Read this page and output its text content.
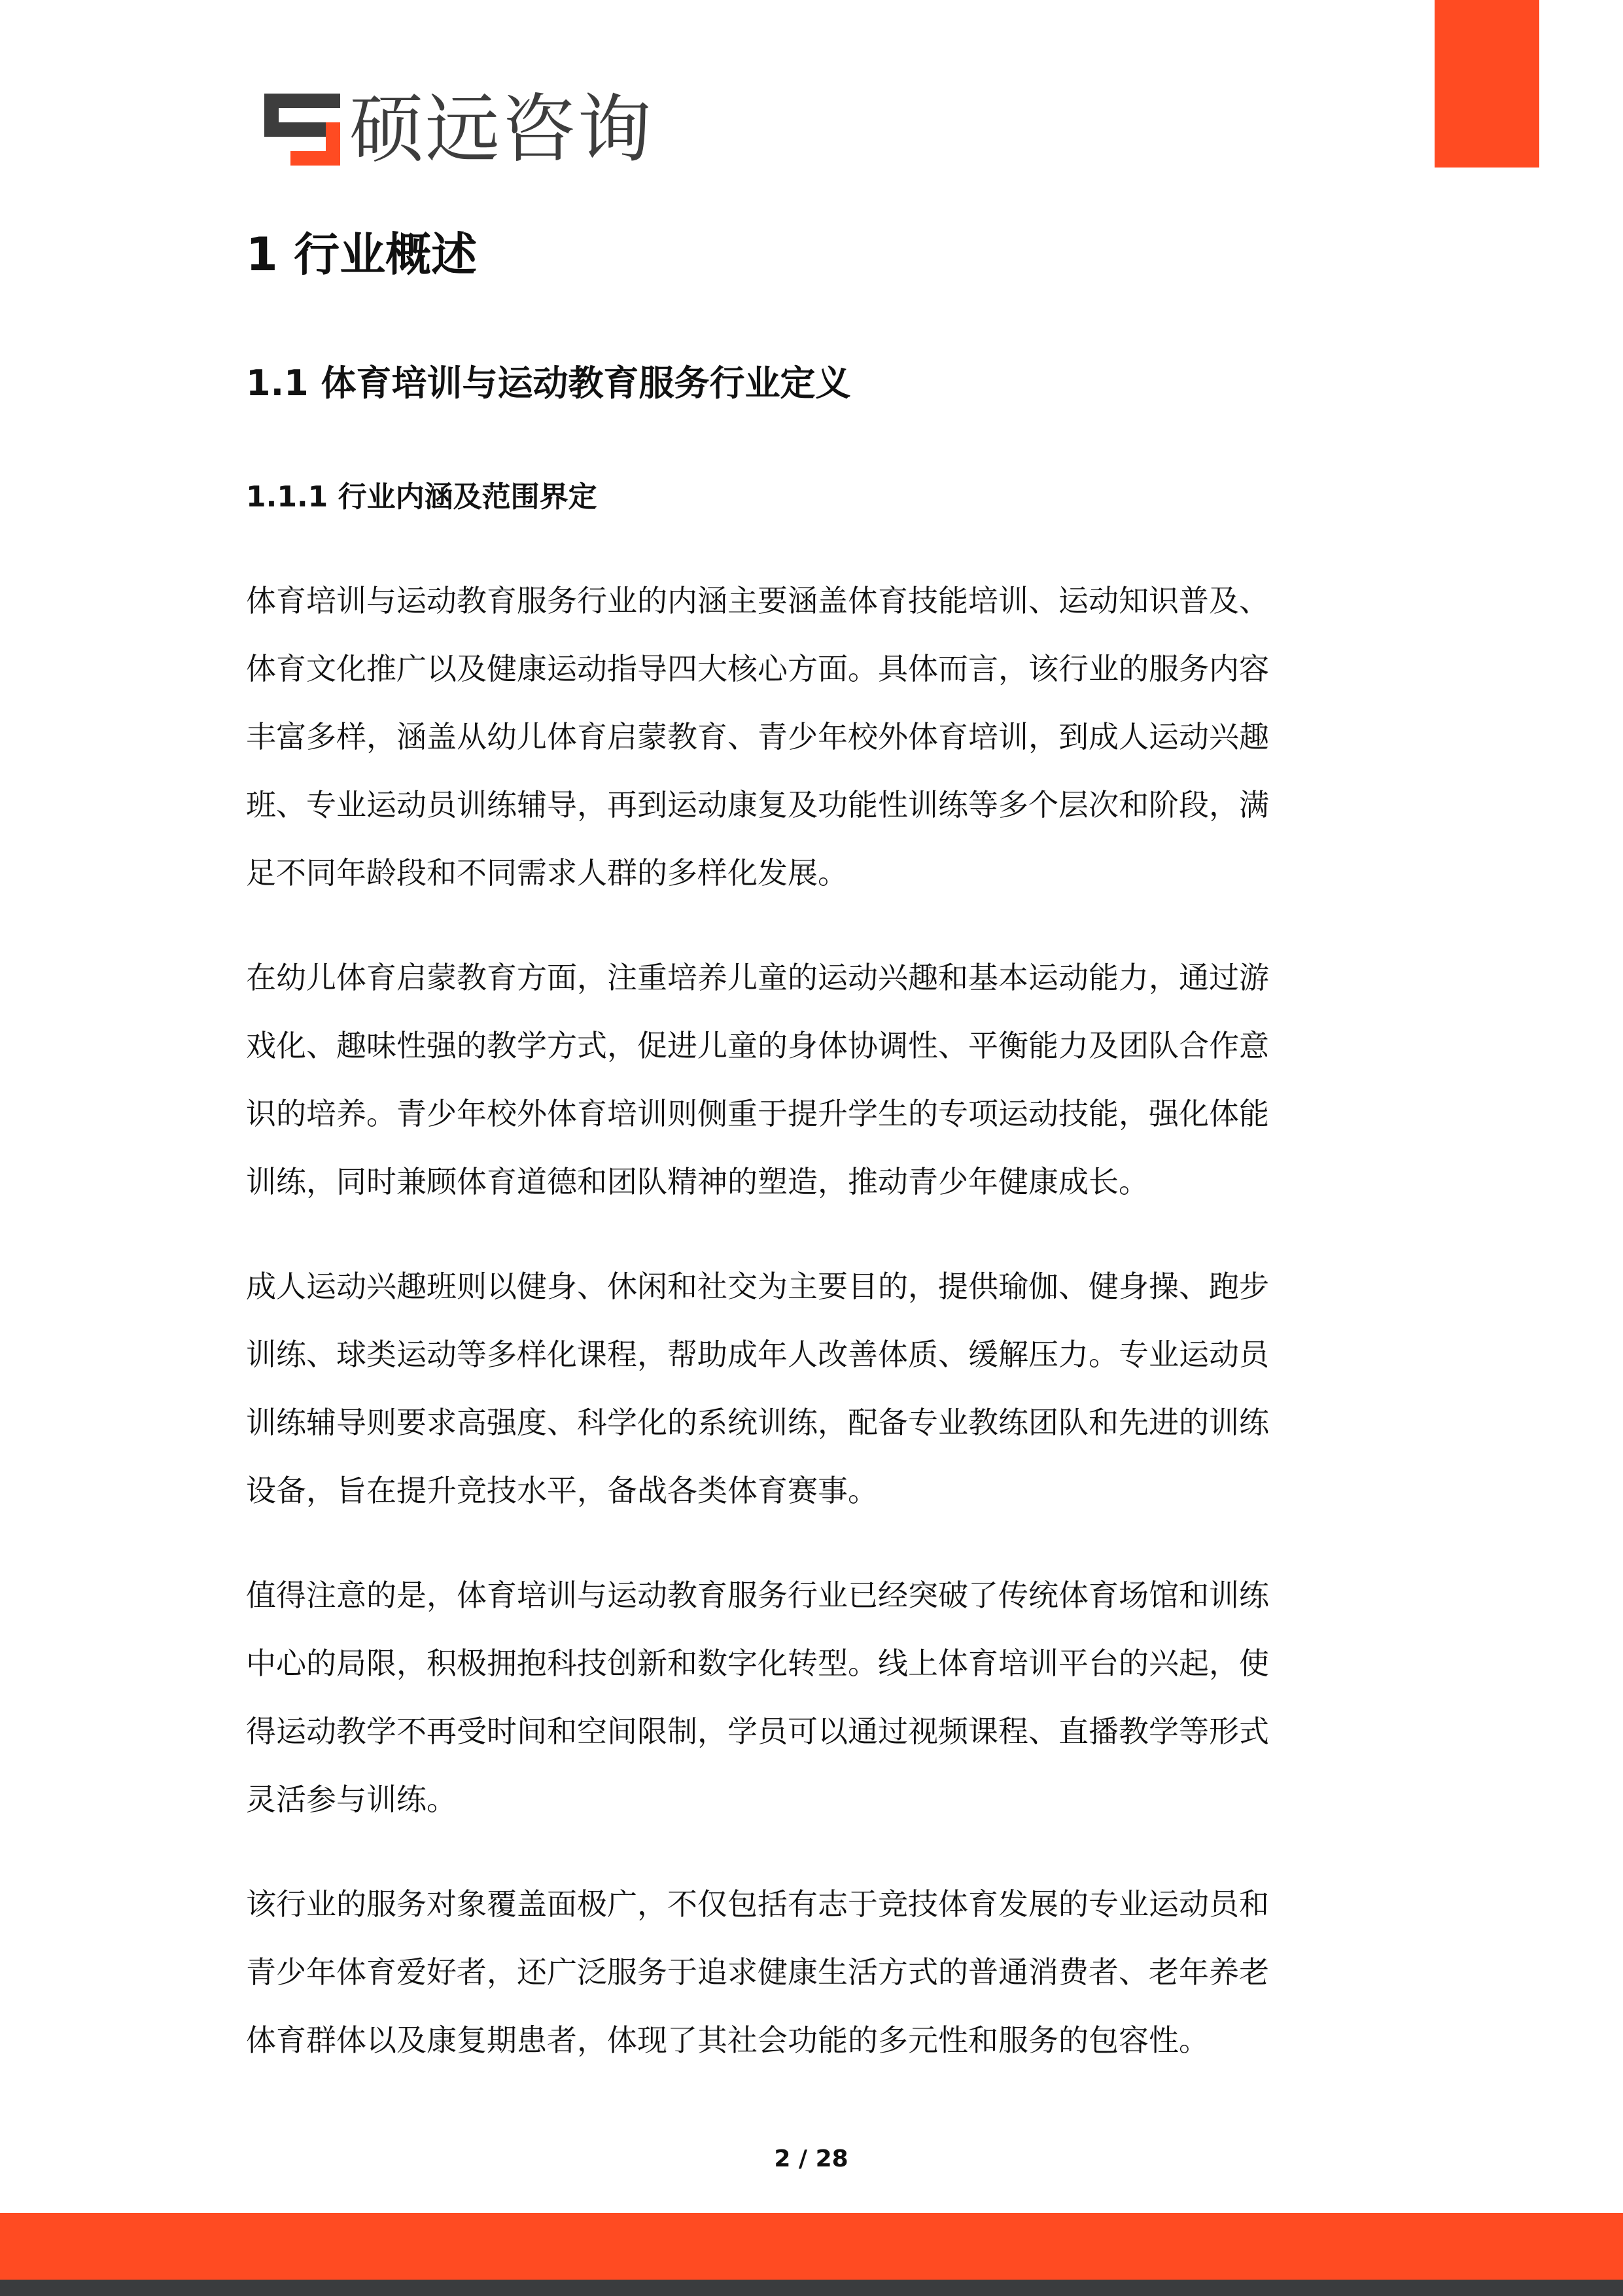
硕远咨询
1 行业概述
1.1 体育培训与运动教育服务行业定义
1.1.1 行业内涵及范围界定
体育培训与运动教育服务行业的内涵主要涵盖体育技能培训、运动知识普及、
体育文化推广以及健康运动指导四大核心方面。具体而言，该行业的服务内容
丰富多样，涵盖从幼儿体育启蒙教育、青少年校外体育培训，到成人运动兴趣
班、专业运动员训练辅导，再到运动康复及功能性训练等多个层次和阶段，满
足不同年龄段和不同需求人群的多样化发展。
在幼儿体育启蒙教育方面，注重培养儿童的运动兴趣和基本运动能力，通过游
戏化、趣味性强的教学方式，促进儿童的身体协调性、平衡能力及团队合作意
识的培养。青少年校外体育培训则侧重于提升学生的专项运动技能，强化体能
训练，同时兼顾体育道德和团队精神的塑造，推动青少年健康成长。
成人运动兴趣班则以健身、休闲和社交为主要目的，提供瑜伽、健身操、跑步
训练、球类运动等多样化课程，帮助成年人改善体质、缓解压力。专业运动员
训练辅导则要求高强度、科学化的系统训练，配备专业教练团队和先进的训练
设备，旨在提升竞技水平，备战各类体育赛事。
值得注意的是，体育培训与运动教育服务行业已经突破了传统体育场馆和训练
中心的局限，积极拥抱科技创新和数字化转型。线上体育培训平台的兴起，使
得运动教学不再受时间和空间限制，学员可以通过视频课程、直播教学等形式
灵活参与训练。
该行业的服务对象覆盖面极广，不仅包括有志于竞技体育发展的专业运动员和
青少年体育爱好者，还广泛服务于追求健康生活方式的普通消费者、老年养老
体育群体以及康复期患者，体现了其社会功能的多元性和服务的包容性。
2 / 28
